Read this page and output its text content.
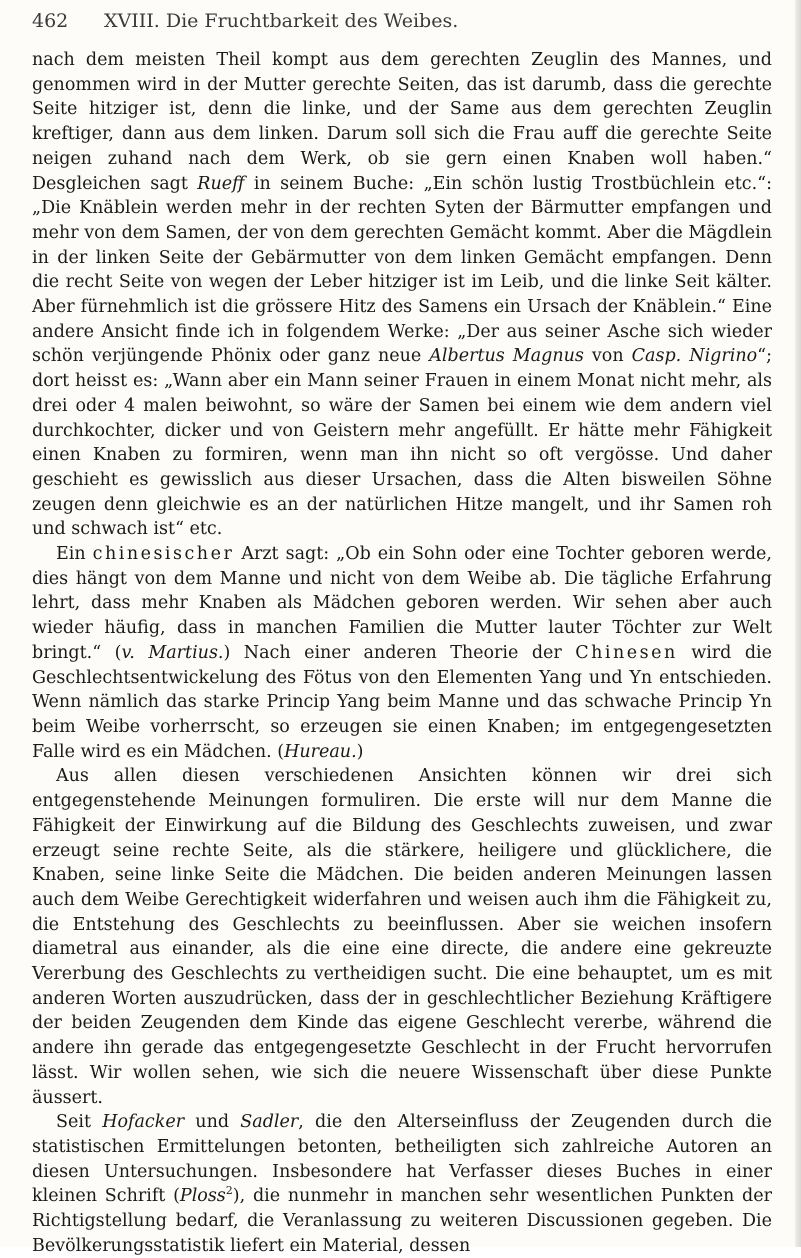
462 XVIII. Die Fruchtbarkeit des Weibes.

nach dem meisten Theil kompt aus dem gerechten Zeuglin des Mannes, und genommen wird in der Mutter gerechte Seiten, das ist darumb, dass die gerechte Seite hitziger ist, denn die linke, und der Same aus dem gerechten Zeuglin kreftiger, dann aus dem linken. Darum soll sich die Frau auff die gerechte Seite neigen zuhand nach dem Werk, ob sie gern einen Knaben woll haben.“ Desgleichen sagt Rueff in seinem Buche: „Ein schön lustig Trostbüchlein etc.“: „Die Knäblein werden mehr in der rechten Syten der Bärmutter empfangen und mehr von dem Samen, der von dem gerechten Gemächt kommt. Aber die Mägdlein in der linken Seite der Gebärmutter von dem linken Gemächt empfangen. Denn die recht Seite von wegen der Leber hitziger ist im Leib, und die linke Seit kälter. Aber fürnehmlich ist die grössere Hitz des Samens ein Ursach der Knäblein.“ Eine andere Ansicht finde ich in folgendem Werke: „Der aus seiner Asche sich wieder schön verjüngende Phönix oder ganz neue Albertus Magnus von Casp. Nigrino“; dort heisst es: „Wann aber ein Mann seiner Frauen in einem Monat nicht mehr, als drei oder 4 malen beiwohnt, so wäre der Samen bei einem wie dem andern viel durchkochter, dicker und von Geistern mehr angefüllt. Er hätte mehr Fähigkeit einen Knaben zu formiren, wenn man ihn nicht so oft vergösse. Und daher geschieht es gewisslich aus dieser Ursachen, dass die Alten bisweilen Söhne zeugen denn gleichwie es an der natürlichen Hitze mangelt, und ihr Samen roh und schwach ist“ etc.

Ein chinesischer Arzt sagt: „Ob ein Sohn oder eine Tochter geboren werde, dies hängt von dem Manne und nicht von dem Weibe ab. Die tägliche Erfahrung lehrt, dass mehr Knaben als Mädchen geboren werden. Wir sehen aber auch wieder häufig, dass in manchen Familien die Mutter lauter Töchter zur Welt bringt.“ (v. Martius.) Nach einer anderen Theorie der Chinesen wird die Geschlechtsentwickelung des Fötus von den Elementen Yang und Yn entschieden. Wenn nämlich das starke Princip Yang beim Manne und das schwache Princip Yn beim Weibe vorherrscht, so erzeugen sie einen Knaben; im entgegengesetzten Falle wird es ein Mädchen. (Hureau.)

Aus allen diesen verschiedenen Ansichten können wir drei sich entgegenstehende Meinungen formuliren. Die erste will nur dem Manne die Fähigkeit der Einwirkung auf die Bildung des Geschlechts zuweisen, und zwar erzeugt seine rechte Seite, als die stärkere, heiligere und glücklichere, die Knaben, seine linke Seite die Mädchen. Die beiden anderen Meinungen lassen auch dem Weibe Gerechtigkeit widerfahren und weisen auch ihm die Fähigkeit zu, die Entstehung des Geschlechts zu beeinflussen. Aber sie weichen insofern diametral aus einander, als die eine eine directe, die andere eine gekreuzte Vererbung des Geschlechts zu vertheidigen sucht. Die eine behauptet, um es mit anderen Worten auszudrücken, dass der in geschlechtlicher Beziehung Kräftigere der beiden Zeugenden dem Kinde das eigene Geschlecht vererbe, während die andere ihn gerade das entgegengesetzte Geschlecht in der Frucht hervorrufen lässt. Wir wollen sehen, wie sich die neuere Wissenschaft über diese Punkte äussert.

Seit Hofacker und Sadler, die den Alterseinfluss der Zeugenden durch die statistischen Ermittelungen betonten, betheiligten sich zahlreiche Autoren an diesen Untersuchungen. Insbesondere hat Verfasser dieses Buches in einer kleinen Schrift (Ploss$^2$), die nunmehr in manchen sehr wesentlichen Punkten der Richtigstellung bedarf, die Veranlassung zu weiteren Discussionen gegeben. Die Bevölkerungsstatistik liefert ein Material, dessen
